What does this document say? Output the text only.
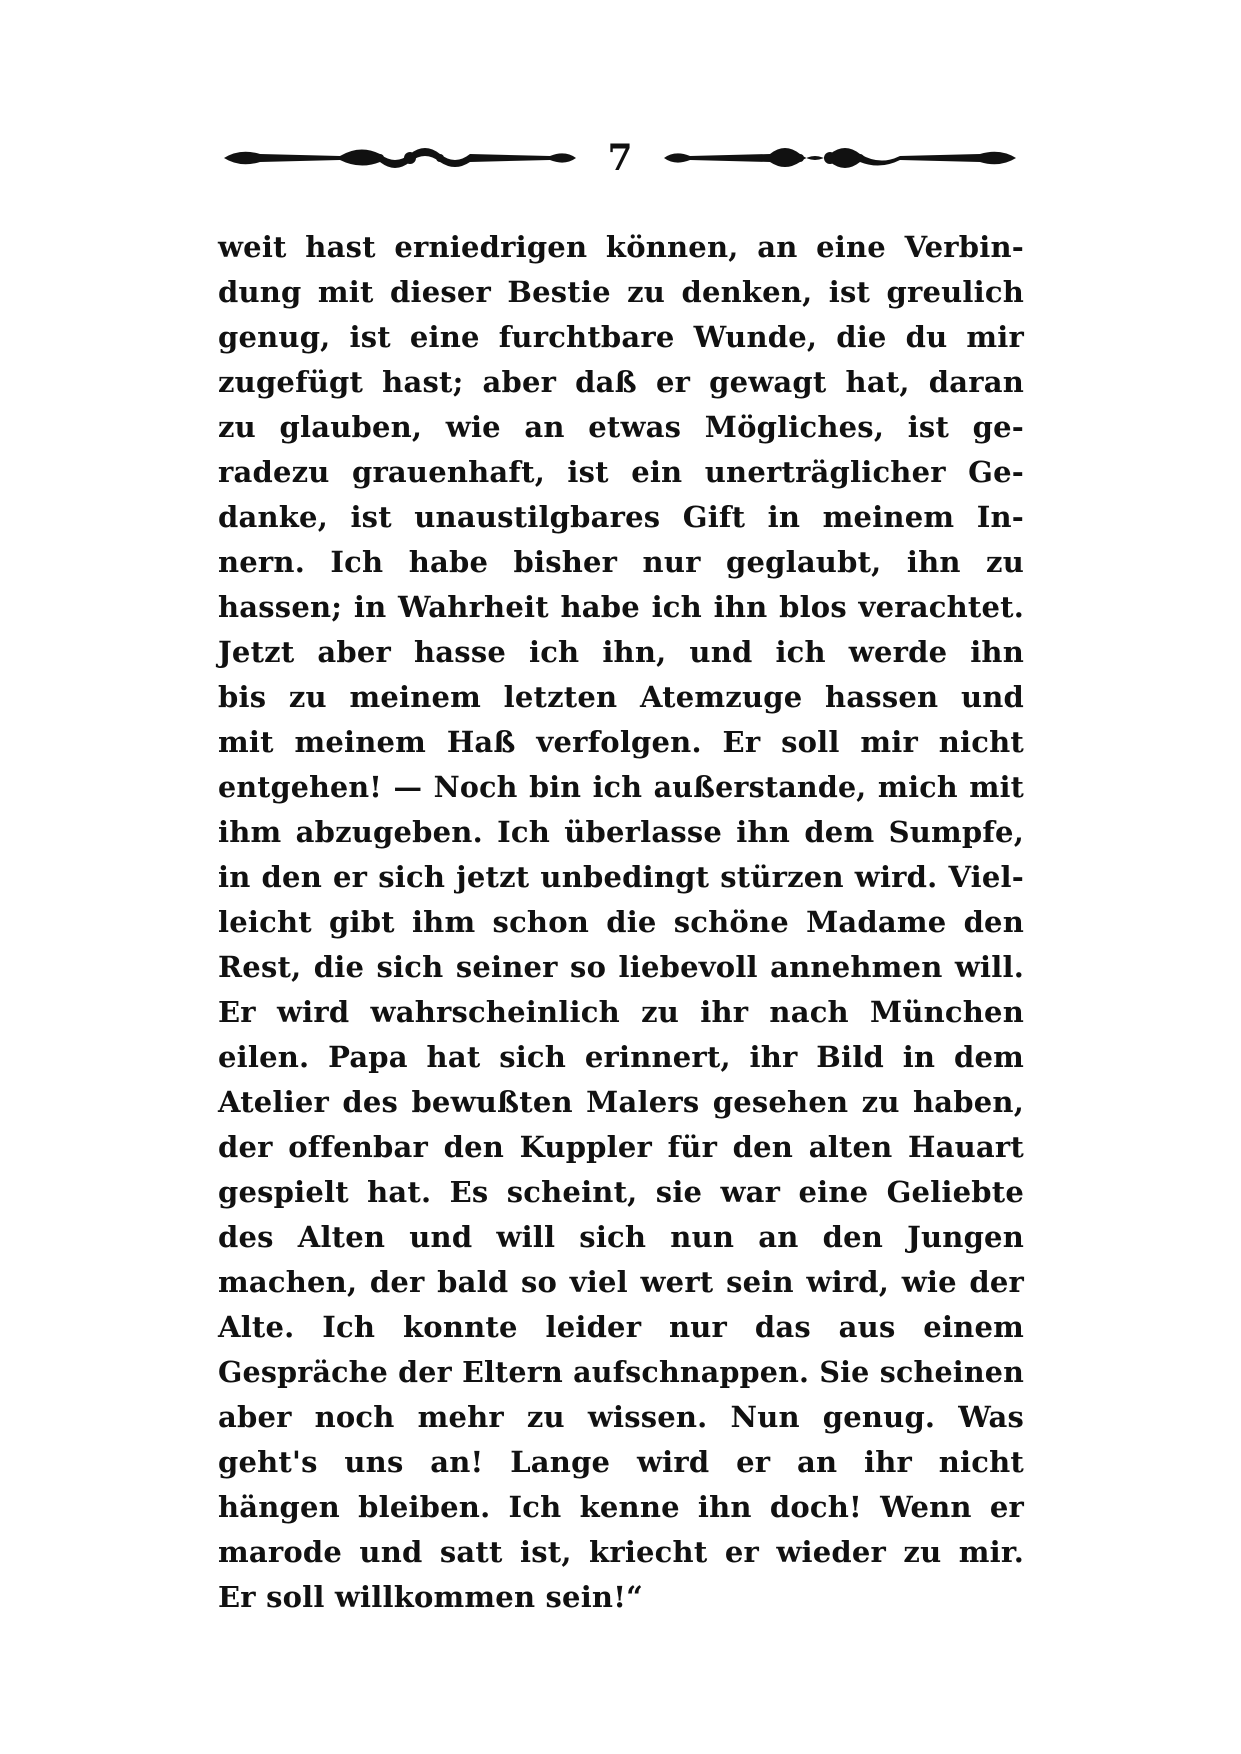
7
weit hast erniedrigen können, an eine Verbin-
dung mit dieser Bestie zu denken, ist greulich
genug, ist eine furchtbare Wunde, die du mir
zugefügt hast; aber daß er gewagt hat, daran
zu glauben, wie an etwas Mögliches, ist ge-
radezu grauenhaft, ist ein unerträglicher Ge-
danke, ist unaustilgbares Gift in meinem In-
nern. Ich habe bisher nur geglaubt, ihn zu
hassen; in Wahrheit habe ich ihn blos verachtet.
Jetzt aber hasse ich ihn, und ich werde ihn
bis zu meinem letzten Atemzuge hassen und
mit meinem Haß verfolgen. Er soll mir nicht
entgehen! — Noch bin ich außerstande, mich mit
ihm abzugeben. Ich überlasse ihn dem Sumpfe,
in den er sich jetzt unbedingt stürzen wird. Viel-
leicht gibt ihm schon die schöne Madame den
Rest, die sich seiner so liebevoll annehmen will.
Er wird wahrscheinlich zu ihr nach München
eilen. Papa hat sich erinnert, ihr Bild in dem
Atelier des bewußten Malers gesehen zu haben,
der offenbar den Kuppler für den alten Hauart
gespielt hat. Es scheint, sie war eine Geliebte
des Alten und will sich nun an den Jungen
machen, der bald so viel wert sein wird, wie der
Alte. Ich konnte leider nur das aus einem
Gespräche der Eltern aufschnappen. Sie scheinen
aber noch mehr zu wissen. Nun genug. Was
geht's uns an! Lange wird er an ihr nicht
hängen bleiben. Ich kenne ihn doch! Wenn er
marode und satt ist, kriecht er wieder zu mir.
Er soll willkommen sein!“
